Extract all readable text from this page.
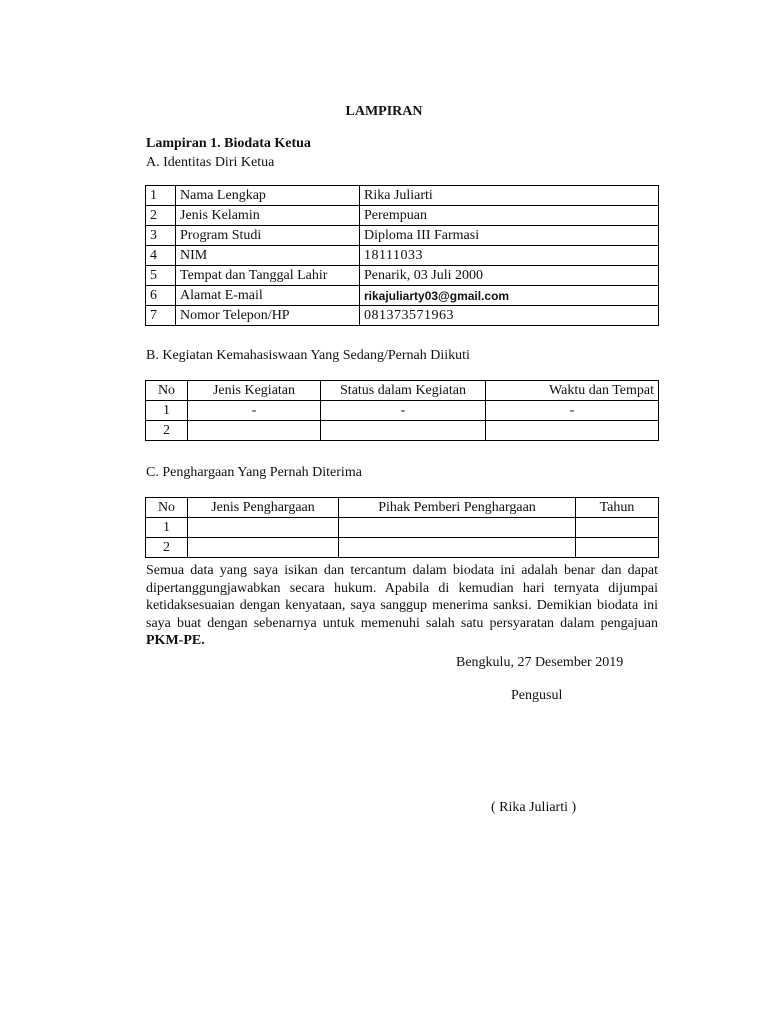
LAMPIRAN
Lampiran 1. Biodata Ketua
A. Identitas Diri Ketua
1	Nama Lengkap	Rika Juliarti
2	Jenis Kelamin	Perempuan
3	Program Studi	Diploma III Farmasi
4	NIM	18111033
5	Tempat dan Tanggal Lahir	Penarik, 03 Juli 2000
6	Alamat E-mail	rikajuliarty03@gmail.com
7	Nomor Telepon/HP	081373571963
B. Kegiatan Kemahasiswaan Yang Sedang/Pernah Diikuti
No	Jenis Kegiatan	Status dalam Kegiatan	Waktu dan Tempat
1	-	-	-
2			
C. Penghargaan Yang Pernah Diterima
No	Jenis Penghargaan	Pihak Pemberi Penghargaan	Tahun
1			
2			
Semua data yang saya isikan dan tercantum dalam biodata ini adalah benar dan dapat dipertanggungjawabkan secara hukum. Apabila di kemudian hari ternyata dijumpai ketidaksesuaian dengan kenyataan, saya sanggup menerima sanksi. Demikian biodata ini saya buat dengan sebenarnya untuk memenuhi salah satu persyaratan dalam pengajuan PKM-PE.
Bengkulu, 27 Desember 2019
Pengusul
( Rika Juliarti )
